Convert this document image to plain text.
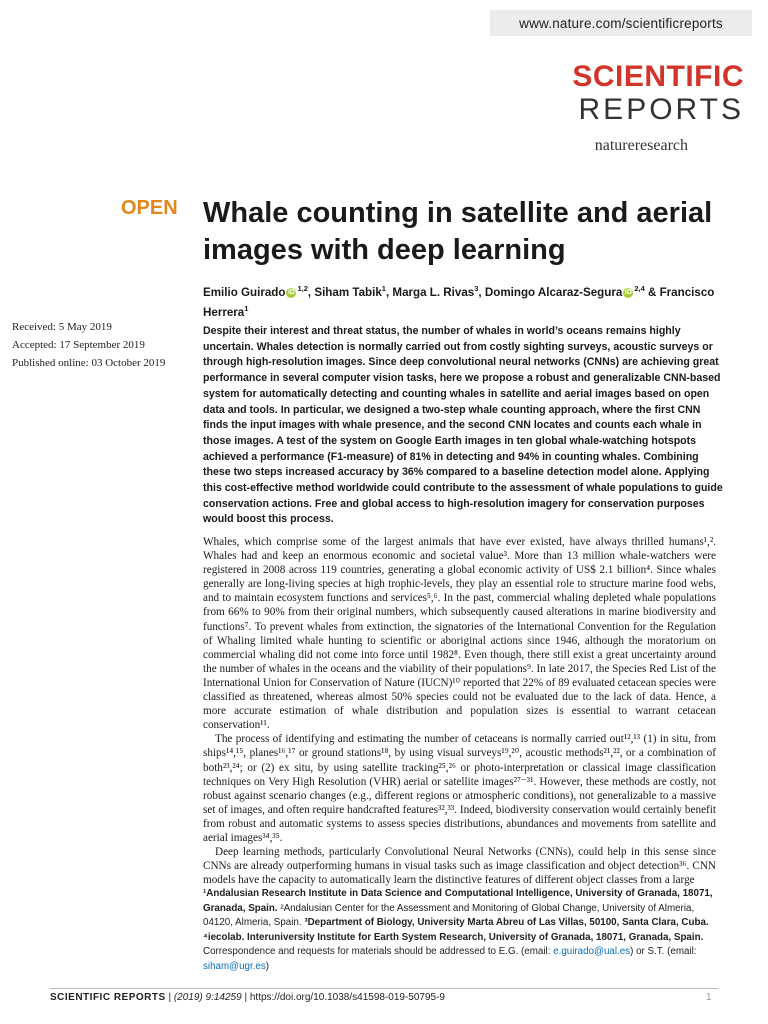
www.nature.com/scientificreports
SCIENTIFIC
REPORTS
natureresearch
OPEN Whale counting in satellite and aerial images with deep learning
Emilio Guirado iD $^{1,2}$, Siham Tabik$^1$, Marga L. Rivas$^3$, Domingo Alcaraz-Segura iD $^{2,4}$ & Francisco Herrera$^1$
Received: 5 May 2019
Accepted: 17 September 2019
Published online: 03 October 2019
Despite their interest and threat status, the number of whales in world’s oceans remains highly uncertain. Whales detection is normally carried out from costly sighting surveys, acoustic surveys or through high-resolution images. Since deep convolutional neural networks (CNNs) are achieving great performance in several computer vision tasks, here we propose a robust and generalizable CNN-based system for automatically detecting and counting whales in satellite and aerial images based on open data and tools. In particular, we designed a two-step whale counting approach, where the first CNN finds the input images with whale presence, and the second CNN locates and counts each whale in those images. A test of the system on Google Earth images in ten global whale-watching hotspots achieved a performance (F1-measure) of 81% in detecting and 94% in counting whales. Combining these two steps increased accuracy by 36% compared to a baseline detection model alone. Applying this cost-effective method worldwide could contribute to the assessment of whale populations to guide conservation actions. Free and global access to high-resolution imagery for conservation purposes would boost this process.

Whales, which comprise some of the largest animals that have ever existed, have always thrilled humans¹,². Whales had and keep an enormous economic and societal value³. More than 13 million whale-watchers were registered in 2008 across 119 countries, generating a global economic activity of US$ 2.1 billion⁴. Since whales generally are long-living species at high trophic-levels, they play an essential role to structure marine food webs, and to maintain ecosystem functions and services⁵,⁶. In the past, commercial whaling depleted whale populations from 66% to 90% from their original numbers, which subsequently caused alterations in marine biodiversity and functions⁷. To prevent whales from extinction, the signatories of the International Convention for the Regulation of Whaling limited whale hunting to scientific or aboriginal actions since 1946, although the moratorium on commercial whaling did not come into force until 1982⁸. Even though, there still exist a great uncertainty around the number of whales in the oceans and the viability of their populations⁹. In late 2017, the Species Red List of the International Union for Conservation of Nature (IUCN)¹⁰ reported that 22% of 89 evaluated cetacean species were classified as threatened, whereas almost 50% species could not be evaluated due to the lack of data. Hence, a more accurate estimation of whale distribution and population sizes is essential to warrant cetacean conservation¹¹.

The process of identifying and estimating the number of cetaceans is normally carried out¹²,¹³ (1) in situ, from ships¹⁴,¹⁵, planes¹⁶,¹⁷ or ground stations¹⁸, by using visual surveys¹⁹,²⁰, acoustic methods²¹,²², or a combination of both²³,²⁴; or (2) ex situ, by using satellite tracking²⁵,²⁶ or photo-interpretation or classical image classification techniques on Very High Resolution (VHR) aerial or satellite images²⁷⁻³¹. However, these methods are costly, not robust against scenario changes (e.g., different regions or atmospheric conditions), not generalizable to a massive set of images, and often require handcrafted features³²,³³. Indeed, biodiversity conservation would certainly benefit from robust and automatic systems to assess species distributions, abundances and movements from satellite and aerial images³⁴,³⁵.

Deep learning methods, particularly Convolutional Neural Networks (CNNs), could help in this sense since CNNs are already outperforming humans in visual tasks such as image classification and object detection³⁶. CNN models have the capacity to automatically learn the distinctive features of different object classes from a large

¹Andalusian Research Institute in Data Science and Computational Intelligence, University of Granada, 18071, Granada, Spain. ²Andalusian Center for the Assessment and Monitoring of Global Change, University of Almeria, 04120, Almeria, Spain. ³Department of Biology, University Marta Abreu of Las Villas, 50100, Santa Clara, Cuba. ⁴iecolab. Interuniversity Institute for Earth System Research, University of Granada, 18071, Granada, Spain. Correspondence and requests for materials should be addressed to E.G. (email: e.guirado@ual.es) or S.T. (email: siham@ugr.es)
SCIENTIFIC REPORTS | (2019) 9:14259 | https://doi.org/10.1038/s41598-019-50795-9	1
